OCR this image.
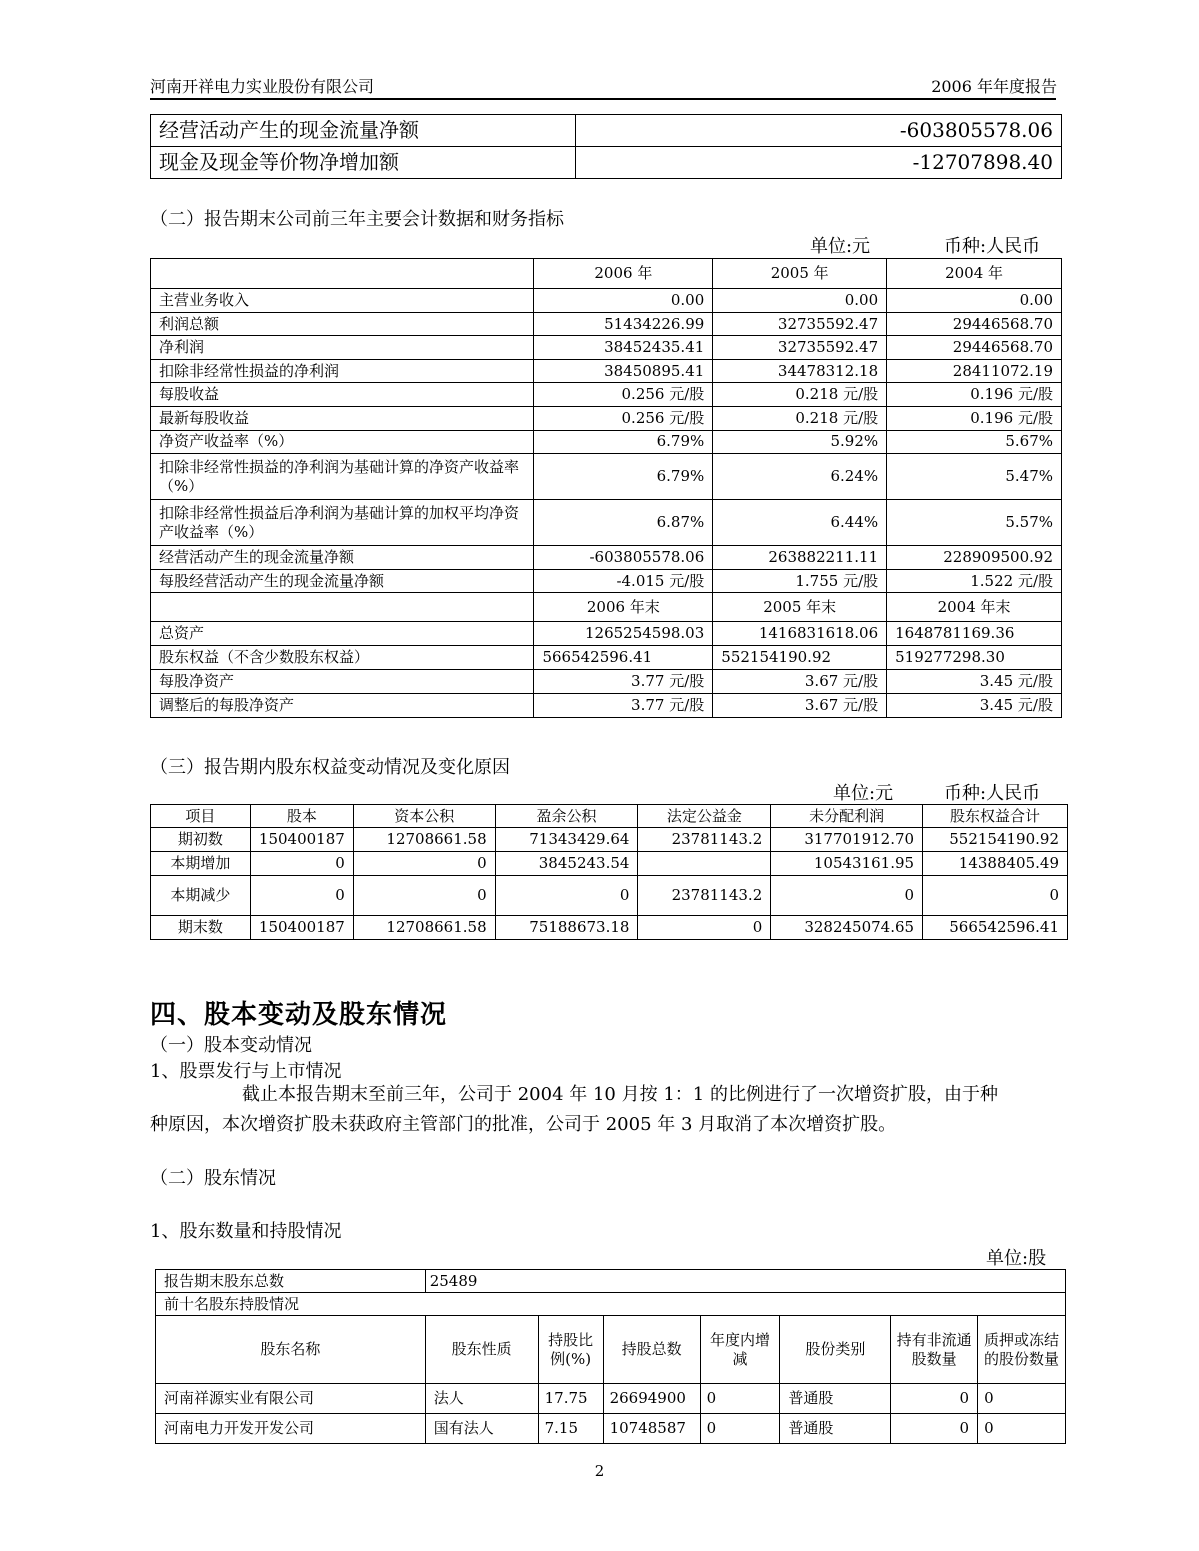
河南开祥电力实业股份有限公司	2006 年年度报告
经营活动产生的现金流量净额	-603805578.06
现金及现金等价物净增加额	-12707898.40
（二）报告期末公司前三年主要会计数据和财务指标
单位:元	币种:人民币
	2006 年	2005 年	2004 年
主营业务收入	0.00	0.00	0.00
利润总额	51434226.99	32735592.47	29446568.70
净利润	38452435.41	32735592.47	29446568.70
扣除非经常性损益的净利润	38450895.41	34478312.18	28411072.19
每股收益	0.256 元/股	0.218 元/股	0.196 元/股
最新每股收益	0.256 元/股	0.218 元/股	0.196 元/股
净资产收益率（%）	6.79%	5.92%	5.67%
扣除非经常性损益的净利润为基础计算的净资产收益率（%）	6.79%	6.24%	5.47%
扣除非经常性损益后净利润为基础计算的加权平均净资产收益率（%）	6.87%	6.44%	5.57%
经营活动产生的现金流量净额	-603805578.06	263882211.11	228909500.92
每股经营活动产生的现金流量净额	-4.015 元/股	1.755 元/股	1.522 元/股
	2006 年末	2005 年末	2004 年末
总资产	1265254598.03	1416831618.06	1648781169.36
股东权益（不含少数股东权益）	566542596.41	552154190.92	519277298.30
每股净资产	3.77 元/股	3.67 元/股	3.45 元/股
调整后的每股净资产	3.77 元/股	3.67 元/股	3.45 元/股
（三）报告期内股东权益变动情况及变化原因
单位:元	币种:人民币
项目	股本	资本公积	盈余公积	法定公益金	未分配利润	股东权益合计
期初数	150400187	12708661.58	71343429.64	23781143.2	317701912.70	552154190.92
本期增加	0	0	3845243.54		10543161.95	14388405.49
本期减少	0	0	0	23781143.2	0	0
期末数	150400187	12708661.58	75188673.18	0	328245074.65	566542596.41
四、股本变动及股东情况
（一）股本变动情况
1、股票发行与上市情况
截止本报告期末至前三年，公司于 2004 年 10 月按 1：1 的比例进行了一次增资扩股，由于种
种原因，本次增资扩股未获政府主管部门的批准，公司于 2005 年 3 月取消了本次增资扩股。
（二）股东情况
1、股东数量和持股情况
单位:股
报告期末股东总数	25489						
前十名股东持股情况							
股东名称	股东性质	持股比例(%)	持股总数	年度内增减	股份类别	持有非流通股数量	质押或冻结的股份数量
河南祥源实业有限公司	法人	17.75	26694900	0	普通股	0	0
河南电力开发开发公司	国有法人	7.15	10748587	0	普通股	0	0
2
